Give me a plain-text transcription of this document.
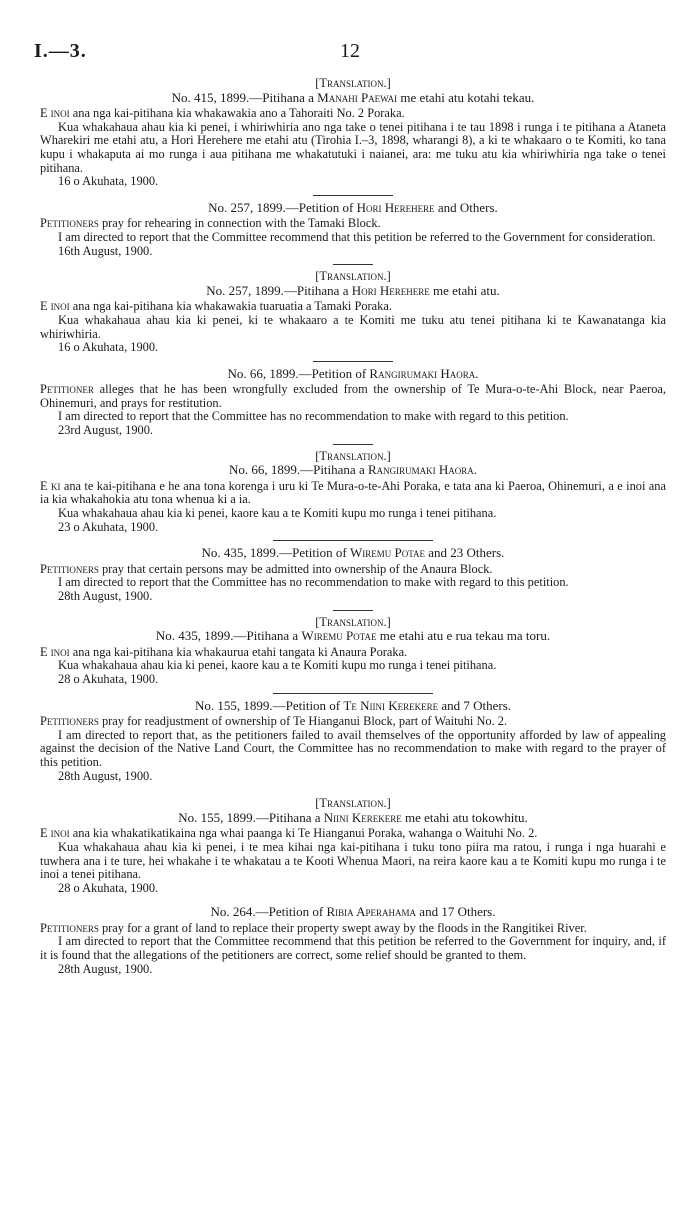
I.—3.	12
[Translation.]
No. 415, 1899.—Pitihana a Manahi Paewai me etahi atu kotahi tekau.

E inoi ana nga kai-pitihana kia whakawakia ano a Tahoraiti No. 2 Poraka.

Kua whakahaua ahau kia ki penei, i whiriwhiria ano nga take o tenei pitihana i te tau 1898 i runga i te pitihana a Ataneta Wharekiri me etahi atu, a Hori Herehere me etahi atu (Tirohia I.–3, 1898, wharangi 8), a ki te whakaaro o te Komiti, ko tana kupu i whakaputa ai mo runga i aua pitihana me whakatutuki i naianei, ara: me tuku atu kia whiriwhiria nga take o tenei pitihana.

16 o Akuhata, 1900.
No. 257, 1899.—Petition of Hori Herehere and Others.

Petitioners pray for rehearing in connection with the Tamaki Block.

I am directed to report that the Committee recommend that this petition be referred to the Government for consideration.

16th August, 1900.
[Translation.]
No. 257, 1899.—Pitihana a Hori Herehere me etahi atu.

E inoi ana nga kai-pitihana kia whakawakia tuaruatia a Tamaki Poraka.

Kua whakahaua ahau kia ki penei, ki te whakaaro a te Komiti me tuku atu tenei pitihana ki te Kawanatanga kia whiriwhiria.

16 o Akuhata, 1900.
No. 66, 1899.—Petition of Rangirumaki Haora.

Petitioner alleges that he has been wrongfully excluded from the ownership of Te Mura-o-te-Ahi Block, near Paeroa, Ohinemuri, and prays for restitution.

I am directed to report that the Committee has no recommendation to make with regard to this petition.

23rd August, 1900.
[Translation.]
No. 66, 1899.—Pitihana a Rangirumaki Haora.

E ki ana te kai-pitihana e he ana tona korenga i uru ki Te Mura-o-te-Ahi Poraka, e tata ana ki Paeroa, Ohinemuri, a e inoi ana ia kia whakahokia atu tona whenua ki a ia.

Kua whakahaua ahau kia ki penei, kaore kau a te Komiti kupu mo runga i tenei pitihana.

23 o Akuhata, 1900.
No. 435, 1899.—Petition of Wiremu Potae and 23 Others.

Petitioners pray that certain persons may be admitted into ownership of the Anaura Block.

I am directed to report that the Committee has no recommendation to make with regard to this petition.

28th August, 1900.
[Translation.]
No. 435, 1899.—Pitihana a Wiremu Potae me etahi atu e rua tekau ma toru.

E inoi ana nga kai-pitihana kia whakaurua etahi tangata ki Anaura Poraka.

Kua whakahaua ahau kia ki penei, kaore kau a te Komiti kupu mo runga i tenei pitihana.

28 o Akuhata, 1900.
No. 155, 1899.—Petition of Te Niini Kerekere and 7 Others.

Petitioners pray for readjustment of ownership of Te Hianganui Block, part of Waituhi No. 2.

I am directed to report that, as the petitioners failed to avail themselves of the opportunity afforded by law of appealing against the decision of the Native Land Court, the Committee has no recommendation to make with regard to the prayer of this petition.

28th August, 1900.
[Translation.]
No. 155, 1899.—Pitihana a Niini Kerekere me etahi atu tokowhitu.

E inoi ana kia whakatikatikaina nga whai paanga ki Te Hianganui Poraka, wahanga o Waituhi No. 2.

Kua whakahaua ahau kia ki penei, i te mea kihai nga kai-pitihana i tuku tono piira ma ratou, i runga i nga huarahi e tuwhera ana i te ture, hei whakahe i te whakatau a te Kooti Whenua Maori, na reira kaore kau a te Komiti kupu mo runga i te inoi a tenei pitihana.

28 o Akuhata, 1900.
No. 264.—Petition of Ribia Aperahama and 17 Others.

Petitioners pray for a grant of land to replace their property swept away by the floods in the Rangitikei River.

I am directed to report that the Committee recommend that this petition be referred to the Government for inquiry, and, if it is found that the allegations of the petitioners are correct, some relief should be granted to them.

28th August, 1900.
